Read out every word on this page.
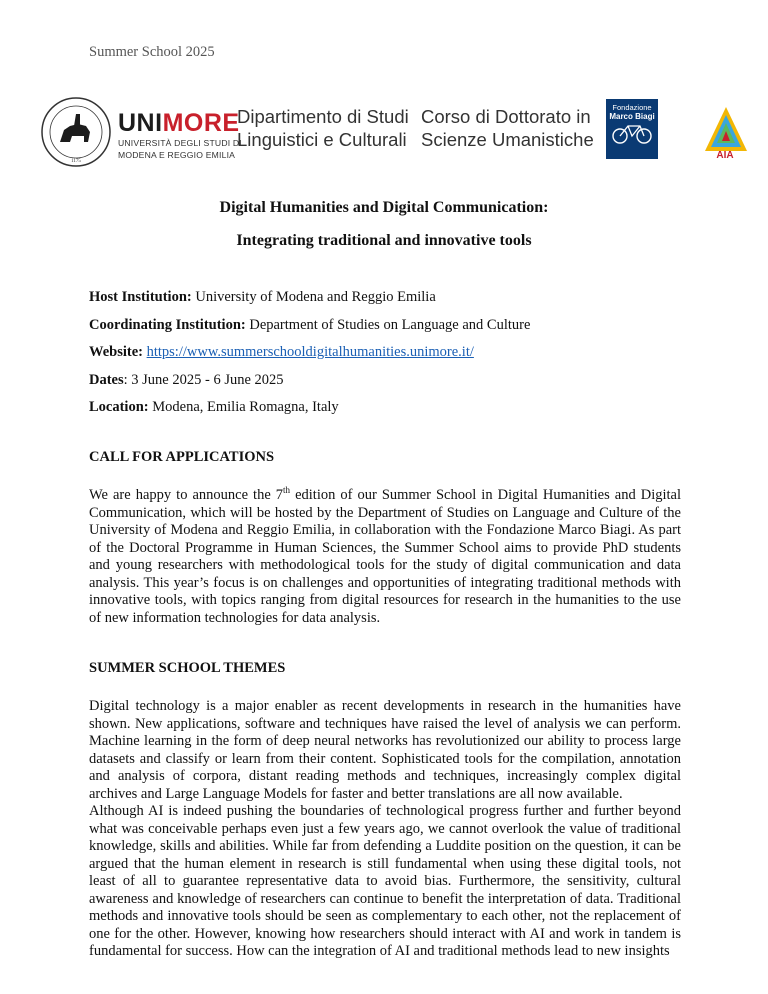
Summer School 2025
1175
UNIMORE
UNIVERSITÀ DEGLI STUDI DI
MODENA E REGGIO EMILIA
Dipartimento di Studi
Linguistici e Culturali
Corso di Dottorato in
Scienze Umanistiche
Fondazione
Marco Biagi
AIA
Digital Humanities and Digital Communication:
Integrating traditional and innovative tools
Host Institution: University of Modena and Reggio Emilia
Coordinating Institution: Department of Studies on Language and Culture
Website: https://www.summerschooldigitalhumanities.unimore.it/
Dates: 3 June 2025 - 6 June 2025
Location: Modena, Emilia Romagna, Italy
CALL FOR APPLICATIONS

We are happy to announce the 7th edition of our Summer School in Digital Humanities and Digital Communication, which will be hosted by the Department of Studies on Language and Culture of the University of Modena and Reggio Emilia, in collaboration with the Fondazione Marco Biagi. As part of the Doctoral Programme in Human Sciences, the Summer School aims to provide PhD students and young researchers with methodological tools for the study of digital communication and data analysis. This year’s focus is on challenges and opportunities of integrating traditional methods with innovative tools, with topics ranging from digital resources for research in the humanities to the use of new information technologies for data analysis.

SUMMER SCHOOL THEMES
Digital technology is a major enabler as recent developments in research in the humanities have shown. New applications, software and techniques have raised the level of analysis we can perform. Machine learning in the form of deep neural networks has revolutionized our ability to process large datasets and classify or learn from their content. Sophisticated tools for the compilation, annotation and analysis of corpora, distant reading methods and techniques, increasingly complex digital archives and Large Language Models for faster and better translations are all now available.
Although AI is indeed pushing the boundaries of technological progress further and further beyond what was conceivable perhaps even just a few years ago, we cannot overlook the value of traditional knowledge, skills and abilities. While far from defending a Luddite position on the question, it can be argued that the human element in research is still fundamental when using these digital tools, not least of all to guarantee representative data to avoid bias. Furthermore, the sensitivity, cultural awareness and knowledge of researchers can continue to benefit the interpretation of data. Traditional methods and innovative tools should be seen as complementary to each other, not the replacement of one for the other. However, knowing how researchers should interact with AI and work in tandem is fundamental for success. How can the integration of AI and traditional methods lead to new insights
